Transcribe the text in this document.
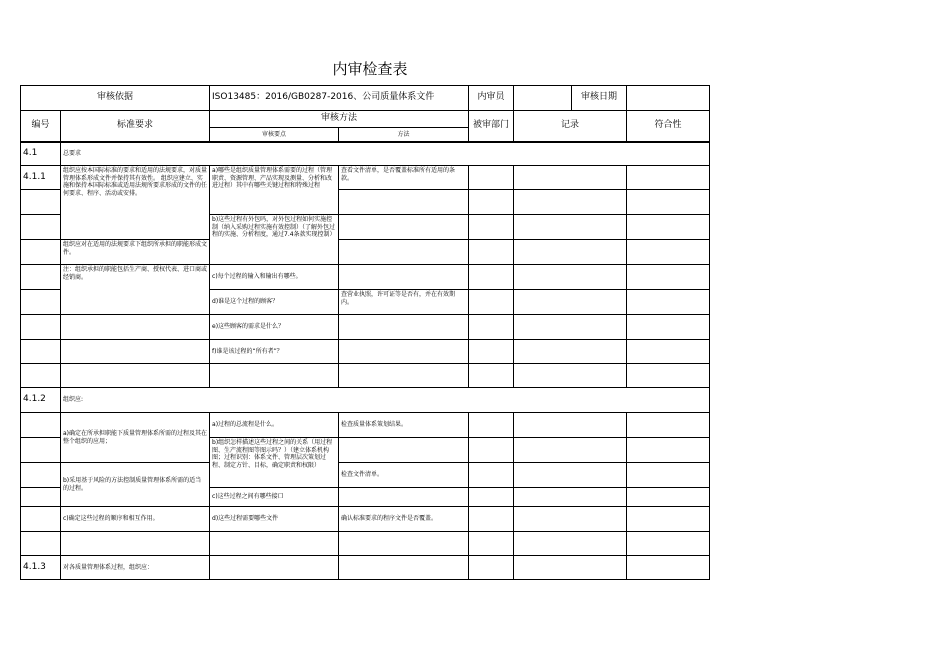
内审检查表
审核依据		ISO13485：2016/GB0287-2016、公司质量体系文件		内审员		审核日期	
编号	标准要求	审核方法		被审部门	记录		符合性
		审核要点	方法				
4.1	总要求						
4.1.1	组织应按本国际标准的要求和适用的法规要求，对质量管理体系形成文件并保持其有效性。 组织应建立、实施和保持本国际标准或适用法规所要求形成的文件的任何要求、程序、活动或安排。	a)哪些是组织质量管理体系需要的过程（管理职责、资源管理、产品实现及测量、分析和改进过程）其中有哪些关键过程和特殊过程	查看文件清单，是否覆盖标准所有适用的条款。				

		b)这些过程有外包吗，对外包过程如何实施控制（纳入采购过程实施有效控制）（了解外包过程的实施、分析程度，通过7.4条款实现控制）					
	组织应对在适用的法规要求下组织所承担的职能形成文件。						
	注：组织承担的职能包括生产商、授权代表、进口商或经销商。	c)每个过程的输入和输出有哪些。					
		d)谁是这个过程的顾客？	查营业执照，许可证等是否有，并在有效期内。				
		e)这些顾客的需求是什么？					
		f)谁是该过程的“所有者”？					

4.1.2	组织应:						
	a)确定在所承担职能下质量管理体系所需的过程及其在整个组织的应用；	a)过程的总流程是什么。	检查质量体系策划结果。				
		b)组织怎样描述这些过程之间的关系（用过程图、生产流程图等图示吗？）（建立体系机构图；过程识别：体系文件、管理层次策划过程、制定方针、目标，确定职责和权限）					
	b)采用基于风险的方法控制质量管理体系所需的适当的过程。		检查文件清单。				
		c)这些过程之间有哪些接口					
	c)确定这些过程的顺序和相互作用。	d)这些过程需要哪些文件	确认标准要求的程序文件是否覆盖。				

4.1.3	对各质量管理体系过程，组织应：						
